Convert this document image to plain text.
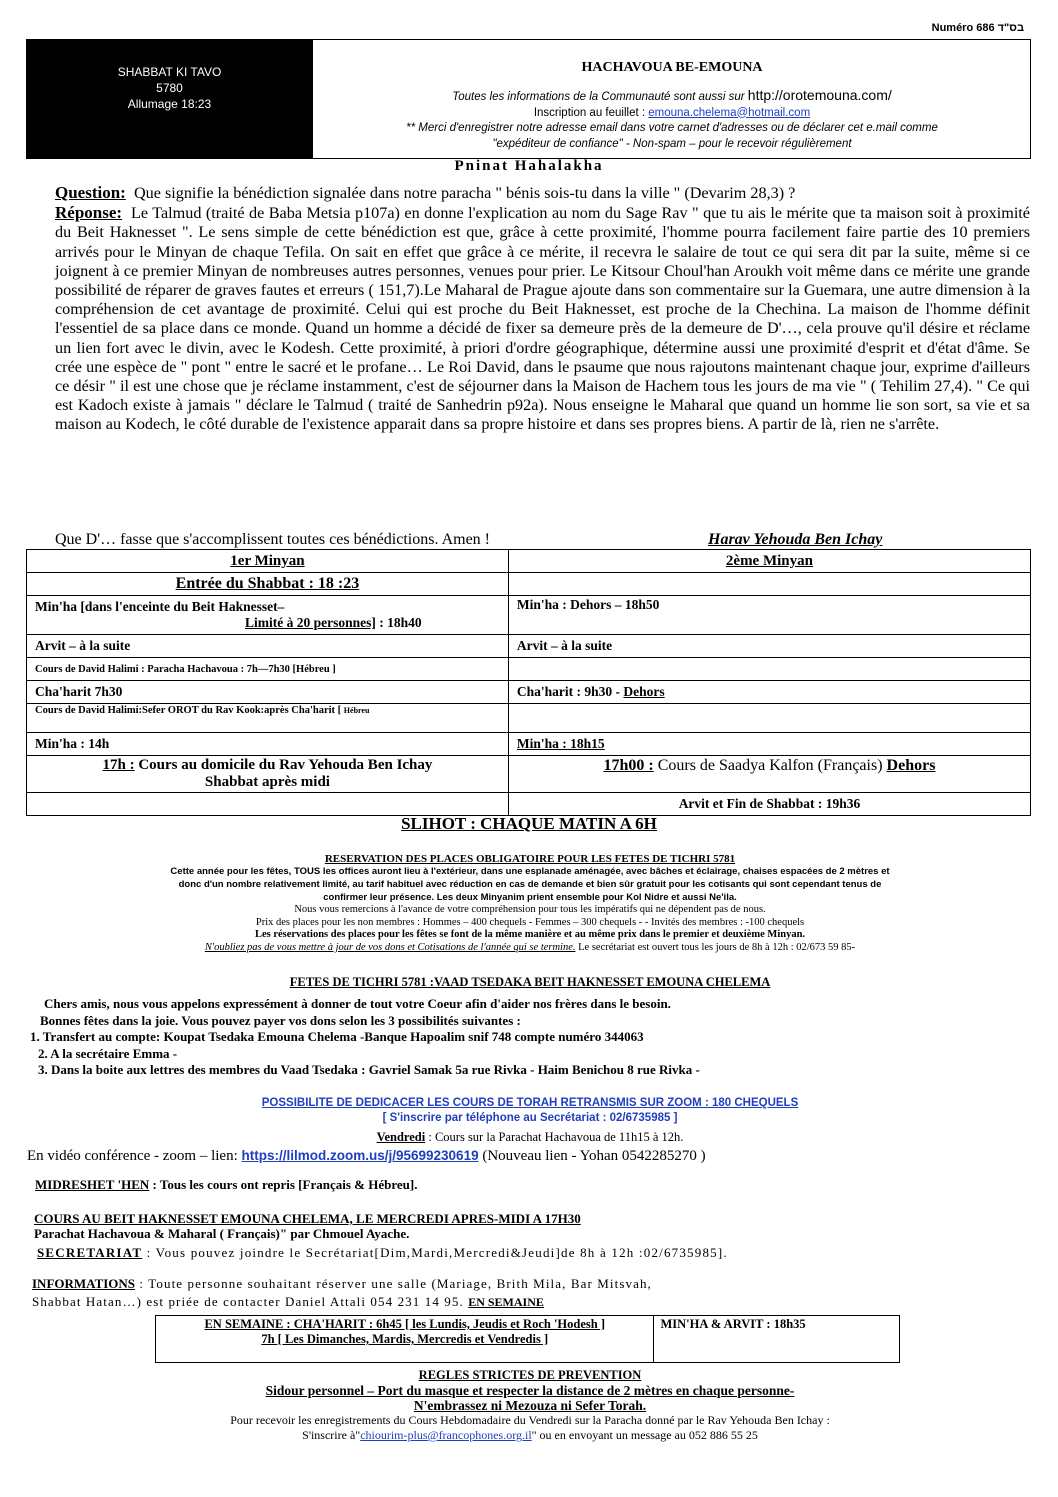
Numéro 686 בס"ד
SHABBAT KI TAVO
5780
Allumage 18:23
HACHAVOUA BE-EMOUNA
Toutes les informations de la Communauté sont aussi sur http://orotemouna.com/
Inscription au feuillet : emouna.chelema@hotmail.com
** Merci d'enregistrer notre adresse email dans votre carnet d'adresses ou de déclarer cet e.mail comme
"expéditeur de confiance" - Non-spam – pour le recevoir régulièrement
Pninat Hahalakha

Question: Que signifie la bénédiction signalée dans notre paracha " bénis sois-tu dans la ville " (Devarim 28,3) ?

Réponse: Le Talmud (traité de Baba Metsia p107a) en donne l'explication au nom du Sage Rav " que tu ais le mérite que ta maison soit à proximité du Beit Haknesset ". Le sens simple de cette bénédiction est que, grâce à cette proximité, l'homme pourra facilement faire partie des 10 premiers arrivés pour le Minyan de chaque Tefila. On sait en effet que grâce à ce mérite, il recevra le salaire de tout ce qui sera dit par la suite, même si ce joignent à ce premier Minyan de nombreuses autres personnes, venues pour prier. Le Kitsour Choul'han Aroukh voit même dans ce mérite une grande possibilité de réparer de graves fautes et erreurs ( 151,7).Le Maharal de Prague ajoute dans son commentaire sur la Guemara, une autre dimension à la compréhension de cet avantage de proximité. Celui qui est proche du Beit Haknesset, est proche de la Chechina. La maison de l'homme définit l'essentiel de sa place dans ce monde. Quand un homme a décidé de fixer sa demeure près de la demeure de D'…, cela prouve qu'il désire et réclame un lien fort avec le divin, avec le Kodesh. Cette proximité, à priori d'ordre géographique, détermine aussi une proximité d'esprit et d'état d'âme. Se crée une espèce de " pont " entre le sacré et le profane… Le Roi David, dans le psaume que nous rajoutons maintenant chaque jour, exprime d'ailleurs ce désir " il est une chose que je réclame instamment, c'est de séjourner dans la Maison de Hachem tous les jours de ma vie " ( Tehilim 27,4). " Ce qui est Kadoch existe à jamais " déclare le Talmud ( traité de Sanhedrin p92a). Nous enseigne le Maharal que quand un homme lie son sort, sa vie et sa maison au Kodech, le côté durable de l'existence apparait dans sa propre histoire et dans ses propres biens. A partir de là, rien ne s'arrête.

Que D'… fasse que s'accomplissent toutes ces bénédictions. Amen !	Harav Yehouda Ben Ichay
1er Minyan	2ème Minyan
Entrée du Shabbat : 18 :23	

Min'ha [dans l'enceinte du Beit Haknesset–
Limité à 20 personnes] : 18h40	Min'ha : Dehors – 18h50
Arvit – à la suite	Arvit – à la suite
Cours de David Halimi : Paracha Hachavoua : 7h—7h30 [Hébreu ]	
Cha'harit 7h30	Cha'harit : 9h30 - Dehors
Cours de David Halimi:Sefer OROT du Rav Kook:après Cha'harit [ Hébreu	
Min'ha : 14h	Min'ha : 18h15

17h : Cours au domicile du Rav Yehouda Ben Ichay
Shabbat après midi	17h00 : Cours de Saadya Kalfon (Français) Dehors
	Arvit et Fin de Shabbat : 19h36
SLIHOT : CHAQUE MATIN A 6H
RESERVATION DES PLACES OBLIGATOIRE POUR LES FETES DE TICHRI 5781
Cette année pour les fêtes, TOUS les offices auront lieu à l'extérieur, dans une esplanade aménagée, avec bâches et éclairage, chaises espacées de 2 mètres et
donc d'un nombre relativement limité, au tarif habituel avec réduction en cas de demande et bien sûr gratuit pour les cotisants qui sont cependant tenus de
confirmer leur présence. Les deux Minyanim prient ensemble pour Kol Nidre et aussi Ne'ila.
Nous vous remercions à l'avance de votre compréhension pour tous les impératifs qui ne dépendent pas de nous.
Prix des places pour les non membres : Hommes – 400 chequels - Femmes – 300 chequels - - Invités des membres : -100 chequels
Les réservations des places pour les fêtes se font de la même manière et au même prix dans le premier et deuxième Minyan.
N'oubliez pas de vous mettre à jour de vos dons et Cotisations de l'année qui se termine. Le secrétariat est ouvert tous les jours de 8h à 12h : 02/673 59 85-
FETES DE TICHRI 5781 :VAAD TSEDAKA BEIT HAKNESSET EMOUNA CHELEMA
Chers amis, nous vous appelons expressément à donner de tout votre Coeur afin d'aider nos frères dans le besoin.
Bonnes fêtes dans la joie. Vous pouvez payer vos dons selon les 3 possibilités suivantes :
1. Transfert au compte: Koupat Tsedaka Emouna Chelema -Banque Hapoalim snif 748 compte numéro 344063
2. A la secrétaire Emma -
3. Dans la boite aux lettres des membres du Vaad Tsedaka : Gavriel Samak 5a rue Rivka - Haim Benichou 8 rue Rivka -
POSSIBILITE DE DEDICACER LES COURS DE TORAH RETRANSMIS SUR ZOOM : 180 CHEQUELS
[ S'inscrire par téléphone au Secrétariat : 02/6735985 ]
Vendredi : Cours sur la Parachat Hachavoua de 11h15 à 12h.
En vidéo conférence - zoom – lien: https://lilmod.zoom.us/j/95699230619 (Nouveau lien - Yohan 0542285270 )
MIDRESHET 'HEN : Tous les cours ont repris [Français & Hébreu].
COURS AU BEIT HAKNESSET EMOUNA CHELEMA, LE MERCREDI APRES-MIDI A 17H30
Parachat Hachavoua & Maharal ( Français)" par Chmouel Ayache.
SECRETARIAT : Vous pouvez joindre le Secrétariat[Dim,Mardi,Mercredi&Jeudi]de 8h à 12h :02/6735985].
INFORMATIONS : Toute personne souhaitant réserver une salle (Mariage, Brith Mila, Bar Mitsvah,
Shabbat Hatan…) est priée de contacter Daniel Attali 054 231 14 95. EN SEMAINE
EN SEMAINE : CHA'HARIT : 6h45 [ les Lundis, Jeudis et Roch 'Hodesh ]
7h [ Les Dimanches, Mardis, Mercredis et Vendredis ]
	MIN'HA & ARVIT : 18h35
REGLES STRICTES DE PREVENTION
Sidour personnel – Port du masque et respecter la distance de 2 mètres en chaque personne-
N'embrassez ni Mezouza ni Sefer Torah.
Pour recevoir les enregistrements du Cours Hebdomadaire du Vendredi sur la Paracha donné par le Rav Yehouda Ben Ichay :
S'inscrire à"chiourim-plus@francophones.org.il" ou en envoyant un message au 052 886 55 25
